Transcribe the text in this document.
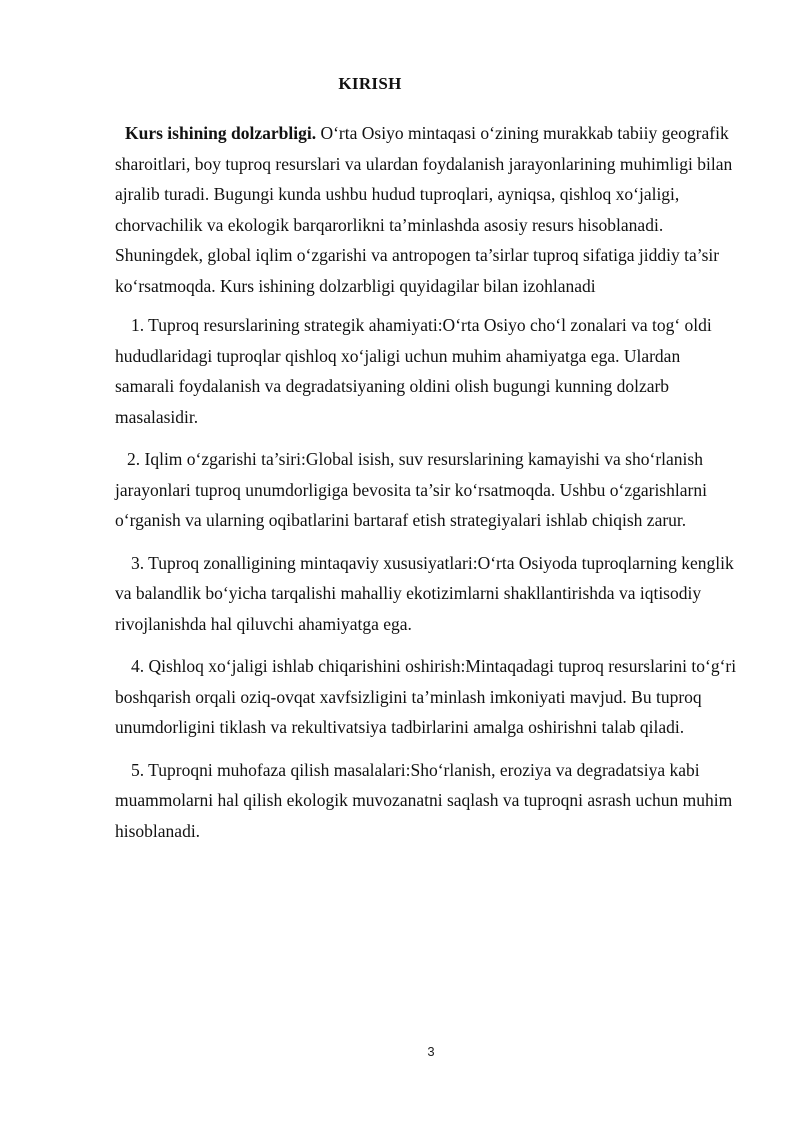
KIRISH

Kurs ishining dolzarbligi. O‘rta Osiyo mintaqasi o‘zining murakkab tabiiy geografik sharoitlari, boy tuproq resurslari va ulardan foydalanish jarayonlarining muhimligi bilan ajralib turadi. Bugungi kunda ushbu hudud tuproqlari, ayniqsa, qishloq xo‘jaligi, chorvachilik va ekologik barqarorlikni ta’minlashda asosiy resurs hisoblanadi. Shuningdek, global iqlim o‘zgarishi va antropogen ta’sirlar tuproq sifatiga jiddiy ta’sir ko‘rsatmoqda. Kurs ishining dolzarbligi quyidagilar bilan izohlanadi

1. Tuproq resurslarining strategik ahamiyati:O‘rta Osiyo cho‘l zonalari va tog‘ oldi hududlaridagi tuproqlar qishloq xo‘jaligi uchun muhim ahamiyatga ega. Ulardan samarali foydalanish va degradatsiyaning oldini olish bugungi kunning dolzarb masalasidir.

2. Iqlim o‘zgarishi ta’siri:Global isish, suv resurslarining kamayishi va sho‘rlanish jarayonlari tuproq unumdorligiga bevosita ta’sir ko‘rsatmoqda. Ushbu o‘zgarishlarni o‘rganish va ularning oqibatlarini bartaraf etish strategiyalari ishlab chiqish zarur.

3. Tuproq zonalligining mintaqaviy xususiyatlari:O‘rta Osiyoda tuproqlarning kenglik va balandlik bo‘yicha tarqalishi mahalliy ekotizimlarni shakllantirishda va iqtisodiy rivojlanishda hal qiluvchi ahamiyatga ega.

4. Qishloq xo‘jaligi ishlab chiqarishini oshirish:Mintaqadagi tuproq resurslarini to‘g‘ri boshqarish orqali oziq-ovqat xavfsizligini ta’minlash imkoniyati mavjud. Bu tuproq unumdorligini tiklash va rekultivatsiya tadbirlarini amalga oshirishni talab qiladi.

5. Tuproqni muhofaza qilish masalalari:Sho‘rlanish, eroziya va degradatsiya kabi muammolarni hal qilish ekologik muvozanatni saqlash va tuproqni asrash uchun muhim hisoblanadi.

3
